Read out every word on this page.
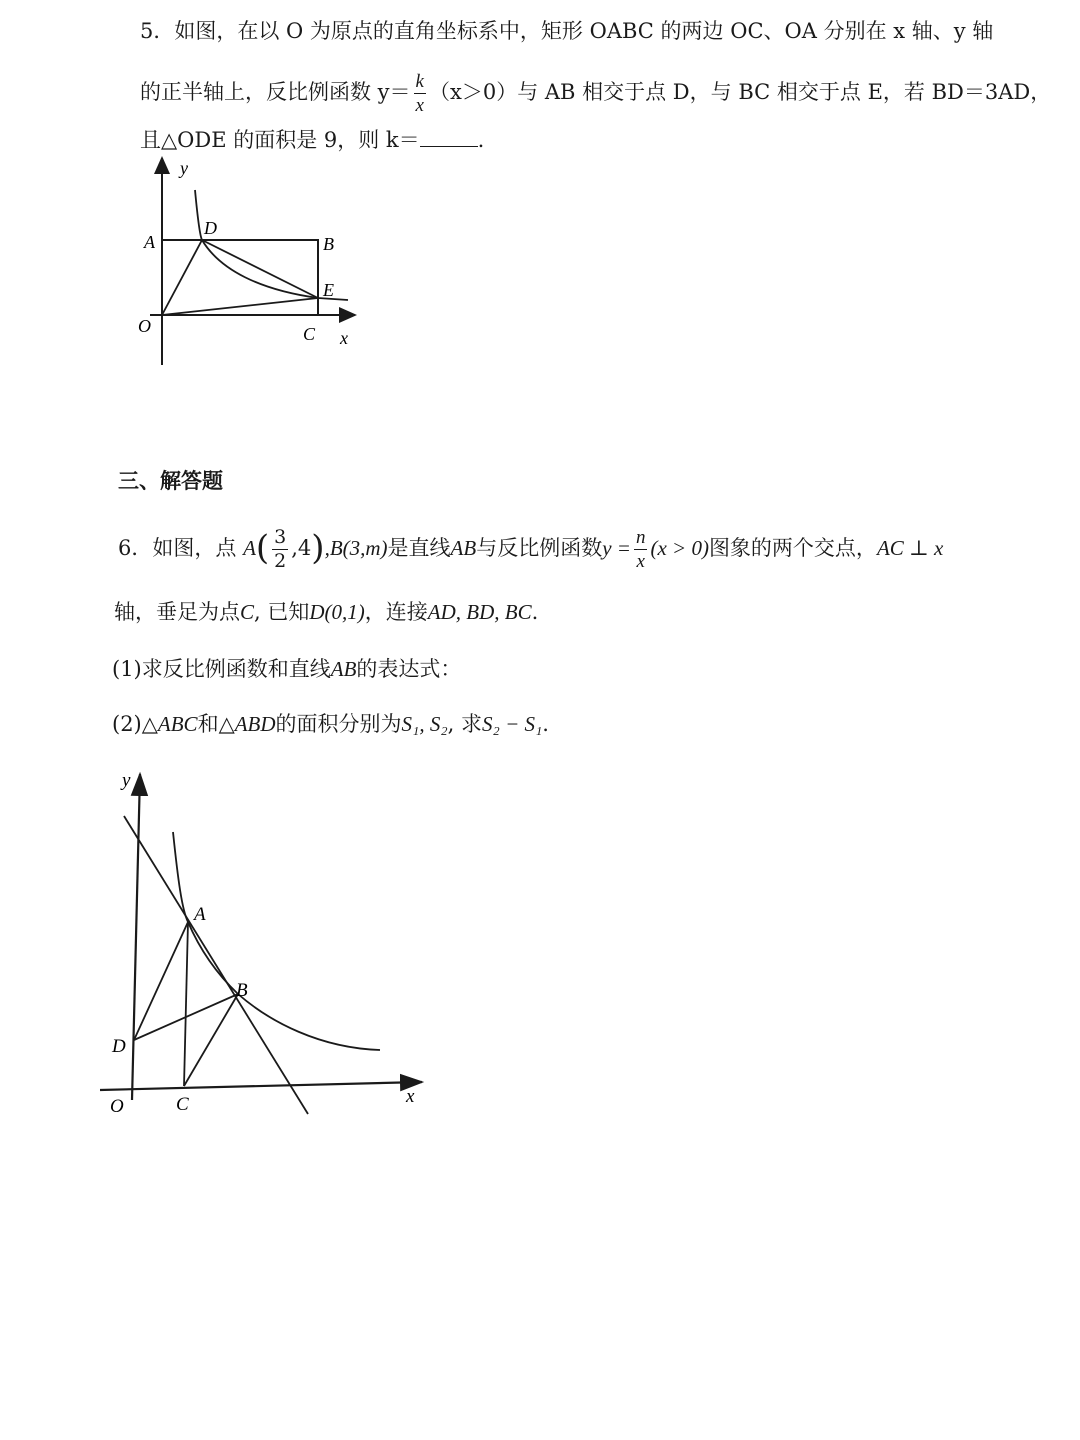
5．如图，在以 O 为原点的直角坐标系中，矩形 OABC 的两边 OC、OA 分别在 x 轴、y 轴
的正半轴上，反比例函数 $y= \frac{k}{x} (x>0)$与 AB 相交于点 D，与 BC 相交于点 E，若 BD＝3AD，
且△ODE 的面积是 9，则 k＝	.
y
A
D
B
E
O	C x
三、解答题
6．如图，点 $A( \frac{3}{2} ,4),B(3,m)$是直线AB与反比例函数$y = \frac{n}{x} (x > 0)$图象的两个交点，AC ⊥ x
轴，垂足为点C, 已知D(0,1)，连接AD, BD, BC.
(1)求反比例函数和直线AB的表达式：
(2)△ABC和△ABD的面积分别为S₁, S₂, 求S₂ − S₁.
y
A
B
D
O	C	x
